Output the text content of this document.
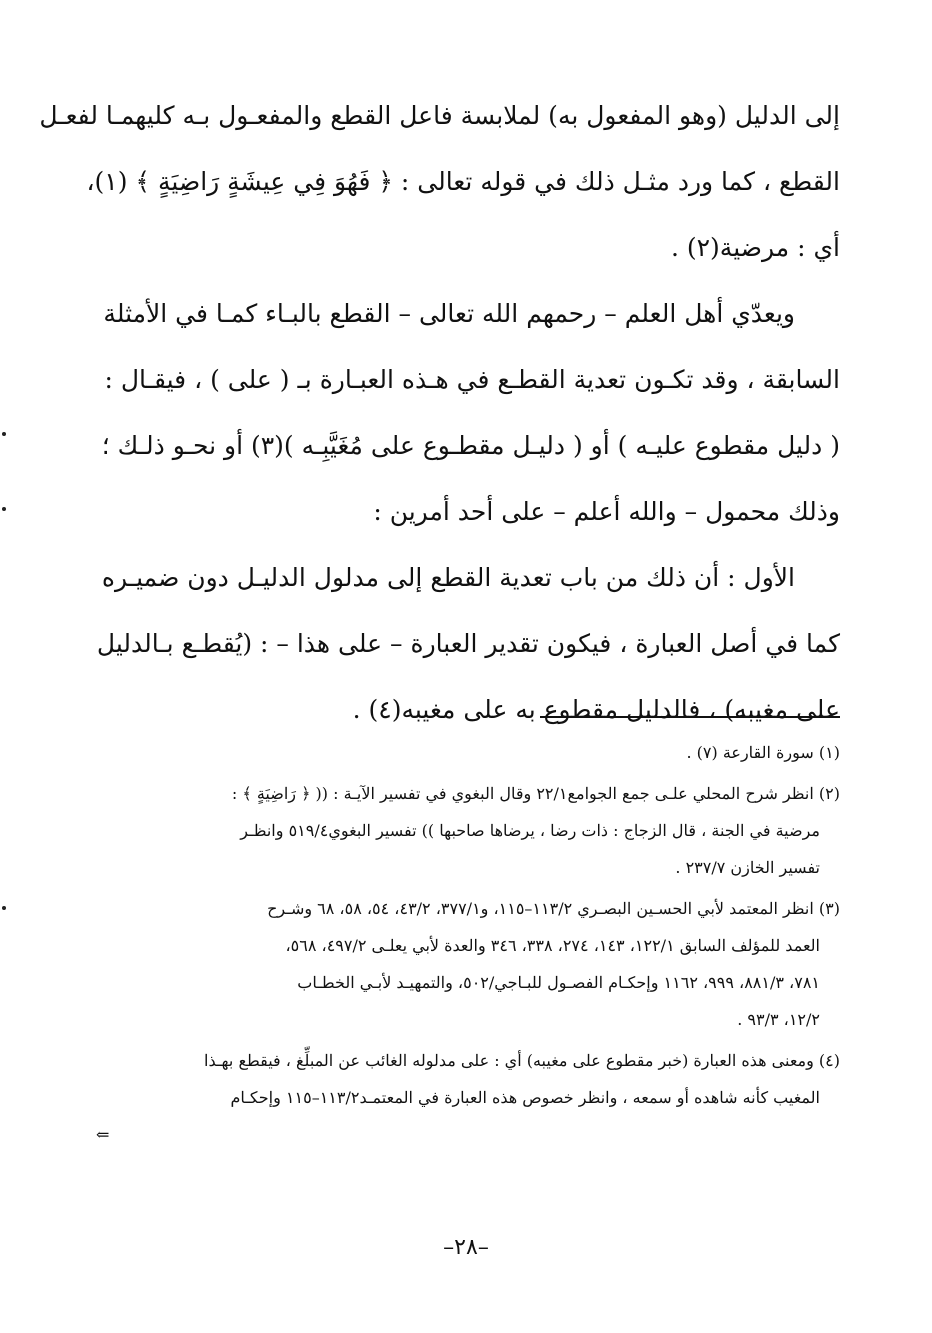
إلى الدليل (وهو المفعول به) لملابسة فاعل القطع والمفعـول بـه كليهمـا لفعـل
القطع ، كما ورد مثـل ذلك في قوله تعالى : ﴿ فَهُوَ فِي عِيشَةٍ رَاضِيَةٍ ﴾ (١)،
أي : مرضية(٢) .
ويعدّي أهل العلم – رحمهم الله تعالى – القطع بالبـاء كمـا في الأمثلة
السابقة ، وقد تكـون تعدية القطـع في هـذه العبـارة بـ ( على ) ، فيقـال :
( دليل مقطوع عليـه ) أو ( دليـل مقطـوع على مُغَيَّبِـه )(٣) أو نحـو ذلـك ؛
وذلك محمول – والله أعلم – على أحد أمرين :
الأول : أن ذلك من باب تعدية القطع إلى مدلول الدليـل دون ضميـره
كما في أصل العبارة ، فيكون تقدير العبارة – على هذا – : (يُقطـع بـالدليل
على مغيبه) ، فالدليل مقطوع به على مغيبه(٤) .
(١) سورة القارعة (٧) .
(٢) انظر شرح المحلي علـى جمع الجوامع٢٢/١ وقال البغوي في تفسير الآيـة : (( ﴿ رَاضِيَةٍ ﴾ :
مرضية في الجنة ، قال الزجاج : ذات رضا ، يرضاها صاحبها )) تفسير البغوي٥١٩/٤ وانظـر
تفسير الخازن ٢٣٧/٧ .
(٣) انظر المعتمد لأبي الحسـين البصـري ١١٣/٢–١١٥، و٣٧٧/١، ٤٣/٢، ٥٤، ٥٨، ٦٨ وشـرح
العمد للمؤلف السابق ١٢٢/١، ١٤٣، ٢٧٤، ٣٣٨، ٣٤٦ والعدة لأبي يعلـى ٤٩٧/٢، ٥٦٨،
٧٨١، ٨٨١/٣، ٩٩٩، ١١٦٢ وإحكـام الفصـول للبـاجي/٥٠٢، والتمهيـد لأبـي الخطـاب
١٢/٢، ٩٣/٣ .
(٤) ومعنى هذه العبارة (خبر مقطوع على مغيبه) أي : على مدلوله الغائب عن المبلِّغ ، فيقطع بهـذا
المغيب كأنه شاهده أو سمعه ، وانظر خصوص هذه العبارة في المعتمـد١١٣/٢–١١٥ وإحكـام
⇐
–٢٨–
